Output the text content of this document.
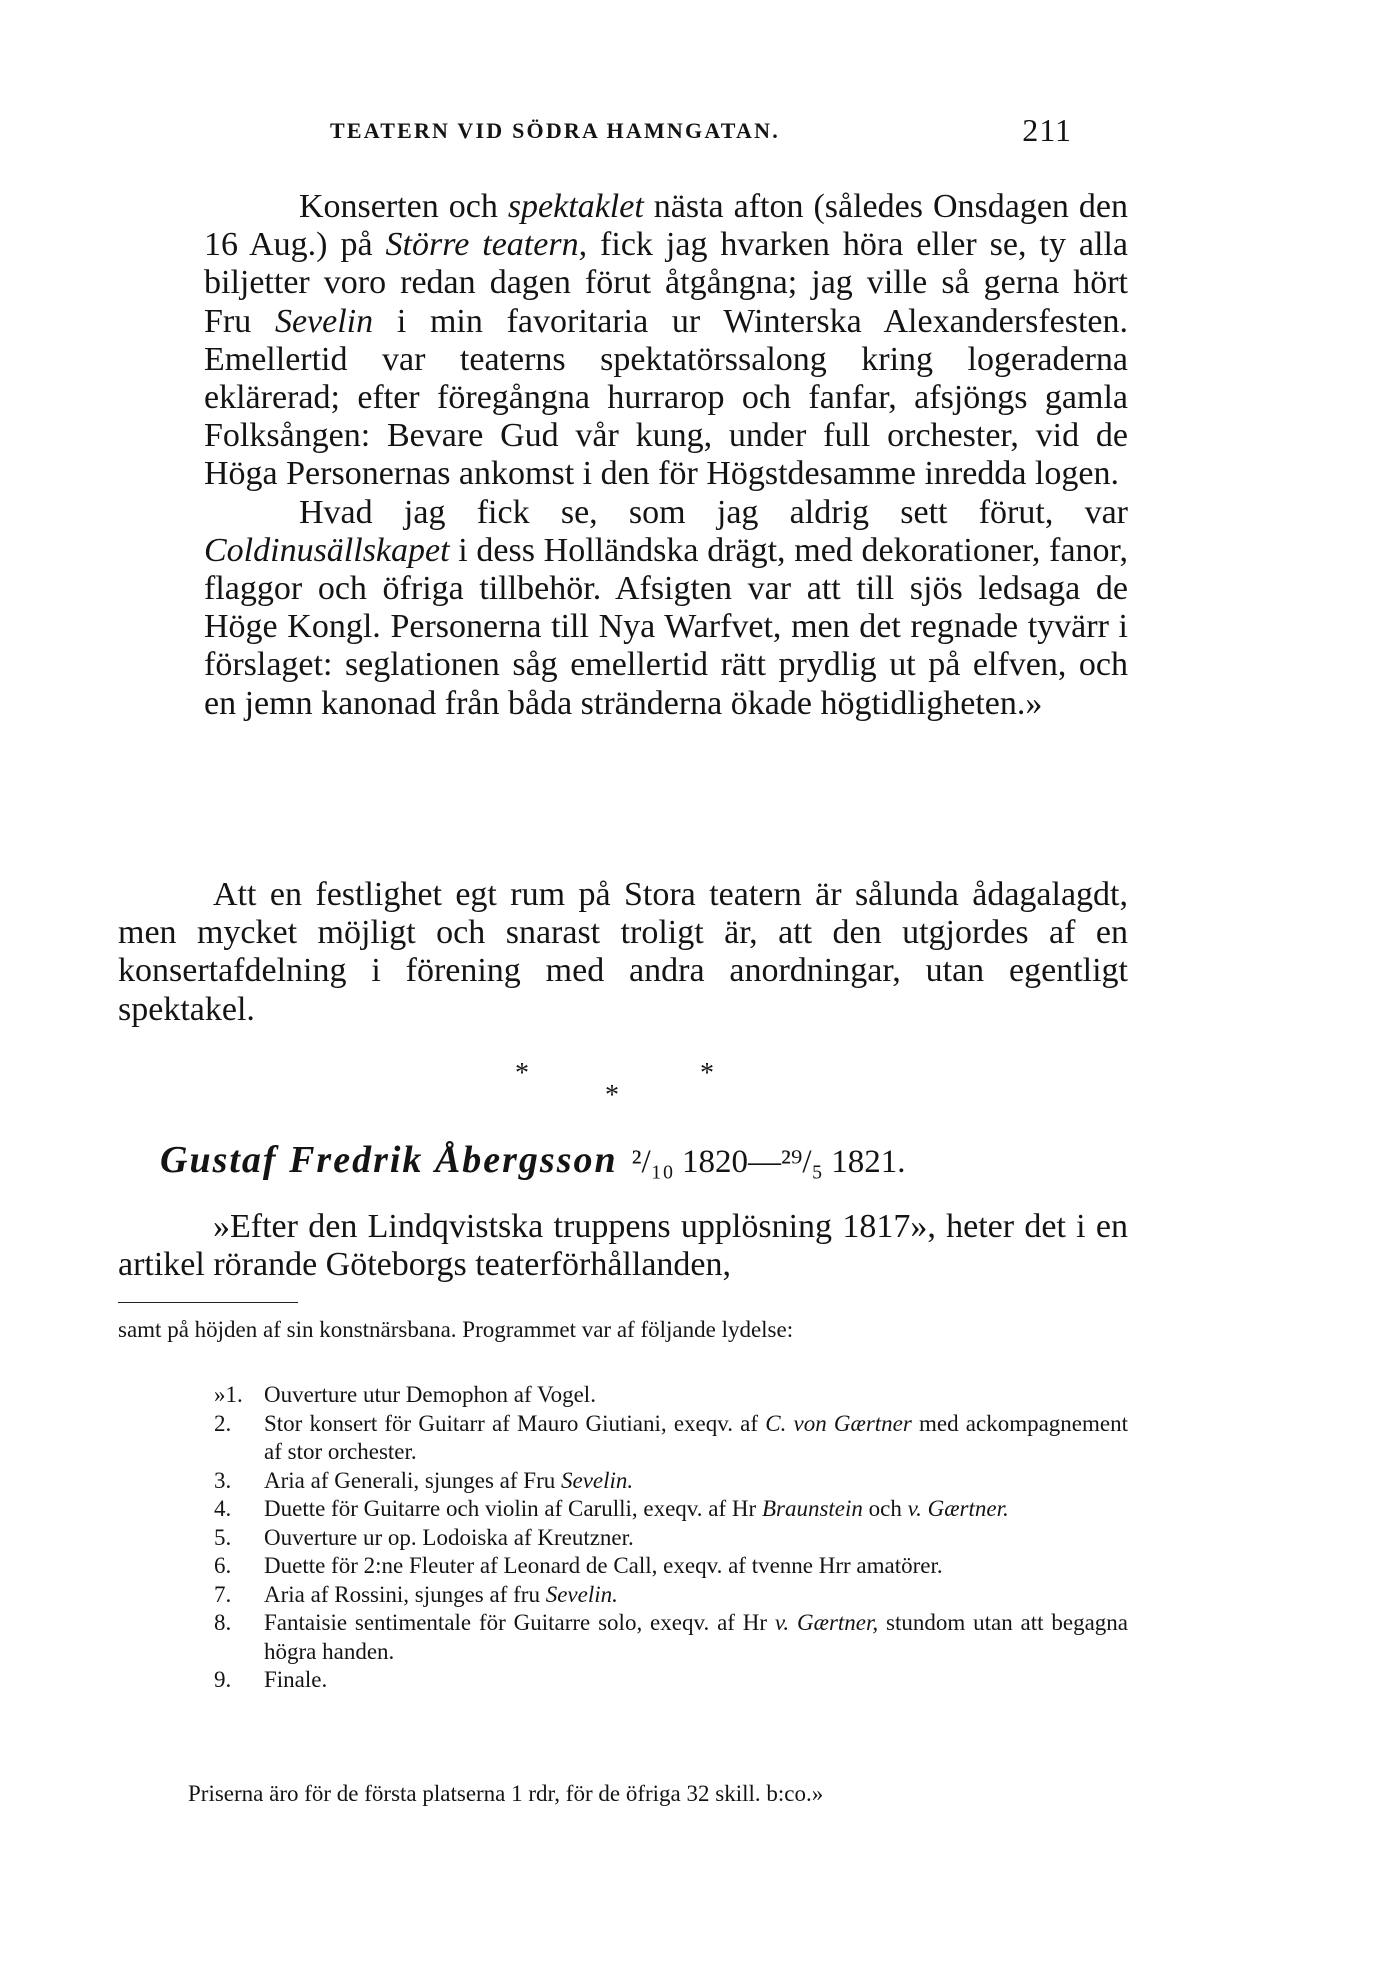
TEATERN VID SÖDRA HAMNGATAN.	211

Konserten och spektaklet nästa afton (således Onsdagen den 16 Aug.) på Större teatern, fick jag hvarken höra eller se, ty alla biljetter voro redan dagen förut åtgångna; jag ville så gerna hört Fru Sevelin i min favoritaria ur Winterska Alexandersfesten. Emellertid var teaterns spektatörssalong kring logeraderna eklärerad; efter föregångna hurrarop och fanfar, afsjöngs gamla Folksången: Bevare Gud vår kung, under full orchester, vid de Höga Personernas ankomst i den för Högstdesamme inredda logen.

Hvad jag fick se, som jag aldrig sett förut, var Coldinusällskapet i dess Holländska drägt, med dekorationer, fanor, flaggor och öfriga tillbehör. Afsigten var att till sjös ledsaga de Höge Kongl. Personerna till Nya Warfvet, men det regnade tyvärr i förslaget: seglationen såg emellertid rätt prydlig ut på elfven, och en jemn kanonad från båda stränderna ökade högtidligheten.»

Att en festlighet egt rum på Stora teatern är sålunda ådagalagdt, men mycket möjligt och snarast troligt är, att den utgjordes af en konsertafdelning i förening med andra anordningar, utan egentligt spektakel.

*
*
*
Gustaf Fredrik Åbergsson ²/₁₀ 1820—²⁹/₅ 1821.

»Efter den Lindqvistska truppens upplösning 1817», heter det i en artikel rörande Göteborgs teaterförhållanden,

samt på höjden af sin konstnärsbana. Programmet var af följande lydelse:
»1. Ouverture utur Demophon af Vogel.
2. Stor konsert för Guitarr af Mauro Giutiani, exeqv. af C. von Gærtner med ackompagnement af stor orchester.
3. Aria af Generali, sjunges af Fru Sevelin.
4. Duette för Guitarre och violin af Carulli, exeqv. af Hr Braunstein och v. Gærtner.
5. Ouverture ur op. Lodoiska af Kreutzner.
6. Duette för 2:ne Fleuter af Leonard de Call, exeqv. af tvenne Hrr amatörer.
7. Aria af Rossini, sjunges af fru Sevelin.
8. Fantaisie sentimentale för Guitarre solo, exeqv. af Hr v. Gærtner, stundom utan att begagna högra handen.
9. Finale.
Priserna äro för de första platserna 1 rdr, för de öfriga 32 skill. b:co.»
